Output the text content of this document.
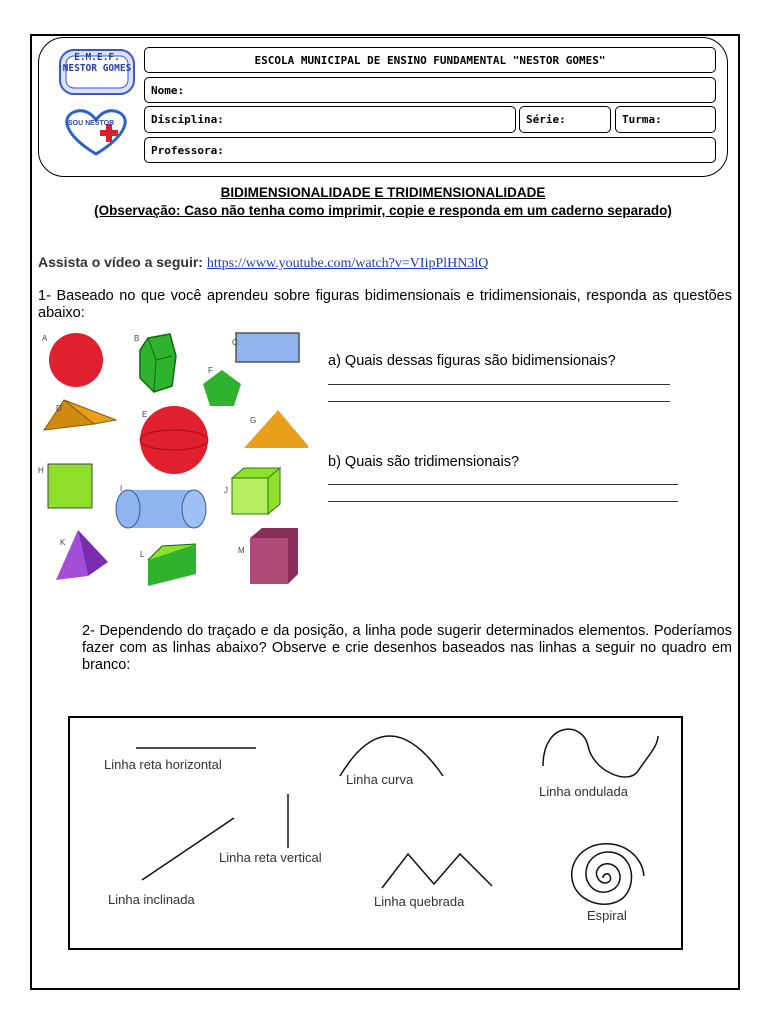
E.M.E.F. NESTOR GOMES
SOU NESTOR
ESCOLA MUNICIPAL DE ENSINO FUNDAMENTAL "NESTOR GOMES"
Nome:
Disciplina:	Série:	Turma:
Professora:
BIDIMENSIONALIDADE E TRIDIMENSIONALIDADE
(Observação: Caso não tenha como imprimir, copie e responda em um caderno separado)
Assista o vídeo a seguir: https://www.youtube.com/watch?v=VIipPlHN3lQ
1- Baseado no que você aprendeu sobre figuras bidimensionais e tridimensionais, responda as questões abaixo:
A	B	C
D
E
F
G
H
I	J
K
L	M
a) Quais dessas figuras são bidimensionais?
b) Quais são tridimensionais?
2- Dependendo do traçado e da posição, a linha pode sugerir determinados elementos. Poderíamos fazer com as linhas abaixo? Observe e crie desenhos baseados nas linhas a seguir no quadro em branco:
Linha reta horizontal
Linha curva
Linha ondulada
Linha reta vertical
Linha inclinada	Linha quebrada
Espiral
